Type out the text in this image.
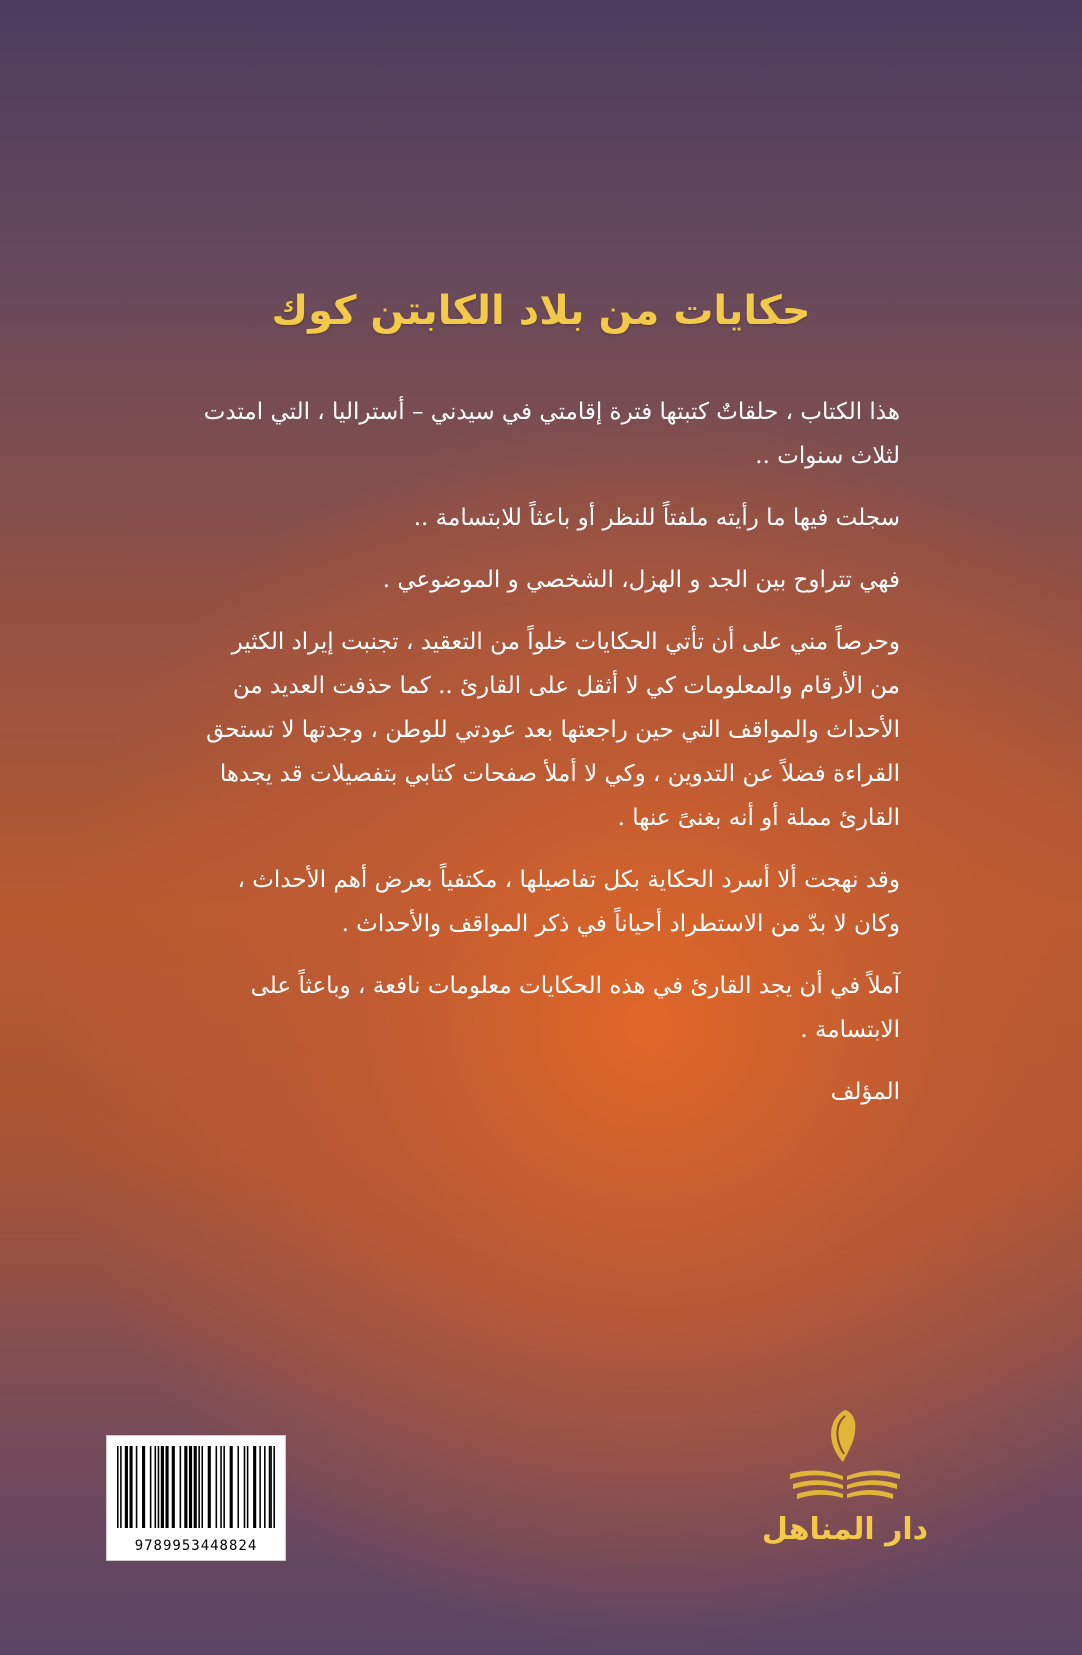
حكايات من بلاد الكابتن كوك

هذا الكتاب ، حلقاتٌ كتبتها فترة إقامتي في سيدني – أستراليا ، التي امتدت لثلاث سنوات ..

سجلت فيها ما رأيته ملفتاً للنظر أو باعثاً للابتسامة ..

فهي تتراوح بين الجد و الهزل، الشخصي و الموضوعي .

وحرصاً مني على أن تأتي الحكايات خلواً من التعقيد ، تجنبت إيراد الكثير من الأرقام والمعلومات كي لا أثقل على القارئ .. كما حذفت العديد من الأحداث والمواقف التي حين راجعتها بعد عودتي للوطن ، وجدتها لا تستحق القراءة فضلاً عن التدوين ، وكي لا أملأ صفحات كتابي بتفصيلات قد يجدها القارئ مملة أو أنه بغنىً عنها .

وقد نهجت ألا أسرد الحكاية بكل تفاصيلها ، مكتفياً بعرض أهم الأحداث ، وكان لا بدّ من الاستطراد أحياناً في ذكر المواقف والأحداث .

آملاً في أن يجد القارئ في هذه الحكايات معلومات نافعة ، وباعثاً على الابتسامة .

المؤلف

9789953448824	دار المناهل
